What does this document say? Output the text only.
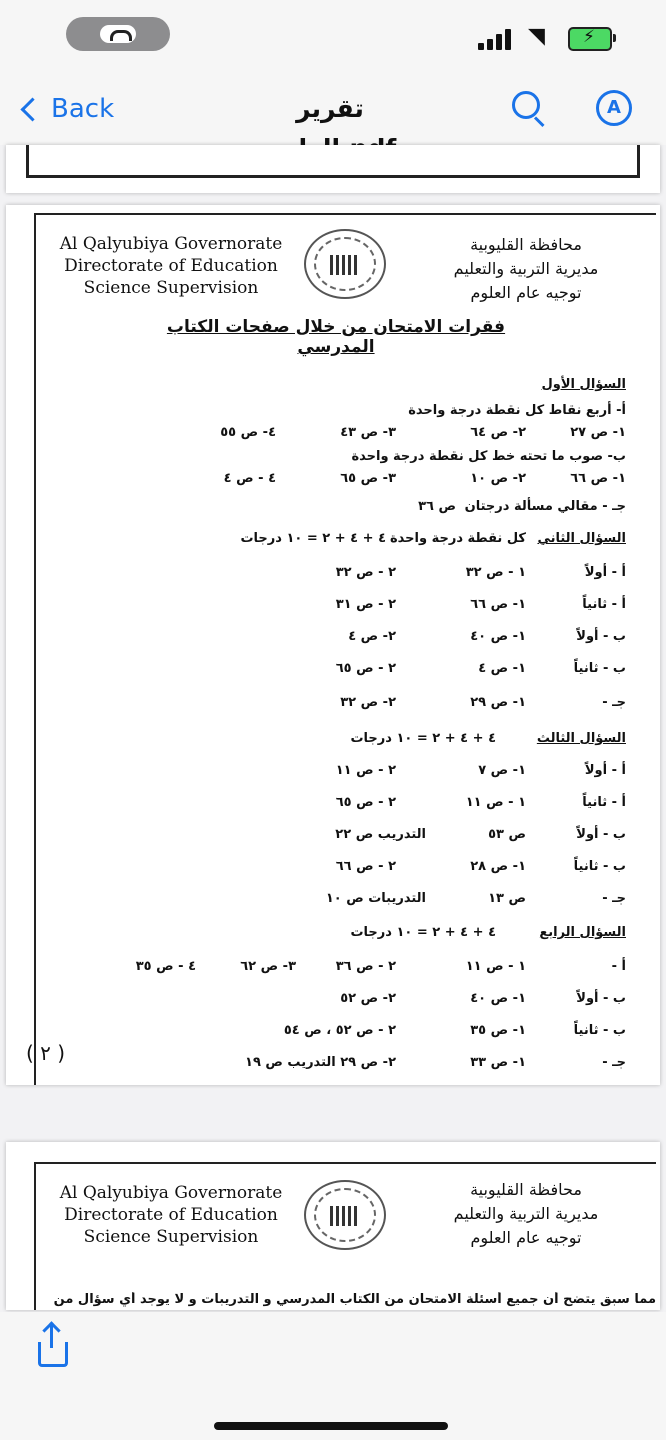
◥ ⚡
Back	تقرير	A
Al Qalyubiya Governorate
Directorate of Education
Science Supervision
محافظة القليوبية
مديرية التربية والتعليم
توجيه عام العلوم
فقرات الامتحان من خلال صفحات الكتاب المدرسي
السؤال الأول
أ- أربع نقاط كل نقطة درجة واحدة
١- ص ٢٧
٢- ص ٦٤
٣- ص ٤٣
٤- ص ٥٥
ب- صوب ما تحته خط كل نقطة درجة واحدة
١- ص ٦٦
٢- ص ١٠
٣- ص ٦٥
٤ - ص ٤
جـ - مقالي مسألة درجتان
ص ٣٦
السؤال الثاني
كل نقطة درجة واحدة
٤ + ٤ + ٢ = ١٠ درجات
أ - أولاً
١ - ص ٣٢
٢ - ص ٣٢
أ - ثانياً
١- ص ٦٦
٢ - ص ٣١
ب - أولاً
١- ص ٤٠
٢- ص ٤
ب - ثانياً
١- ص ٤
٢ - ص ٦٥
جـ -
١- ص ٢٩
٢- ص ٣٢
السؤال الثالث
٤ + ٤ + ٢ = ١٠ درجات
أ - أولاً
١- ص ٧
٢ - ص ١١
أ - ثانياً
١ - ص ١١
٢ - ص ٦٥
ب - أولاً
ص ٥٣
التدريب ص ٢٢
ب - ثانياً
١- ص ٢٨
٢ - ص ٦٦
جـ -
ص ١٣
التدريبات ص ١٠
السؤال الرابع
٤ + ٤ + ٢ = ١٠ درجات
أ -
١ - ص ١١
٢ - ص ٣٦
٣- ص ٦٢
٤ - ص ٣٥
ب - أولاً
١- ص ٤٠
٢- ص ٥٢
ب - ثانياً
١- ص ٣٥
٢ - ص ٥٢ ، ص ٥٤
جـ -
١- ص ٣٣
٢- ص ٢٩ التدريب ص ١٩
( ٢ )
Al Qalyubiya Governorate
Directorate of Education
Science Supervision
محافظة القليوبية
مديرية التربية والتعليم
توجيه عام العلوم
مما سبق يتضح أن جميع أسئلة الامتحان من الكتاب المدرسي و التدريبات و لا يوجد أي سؤال من
